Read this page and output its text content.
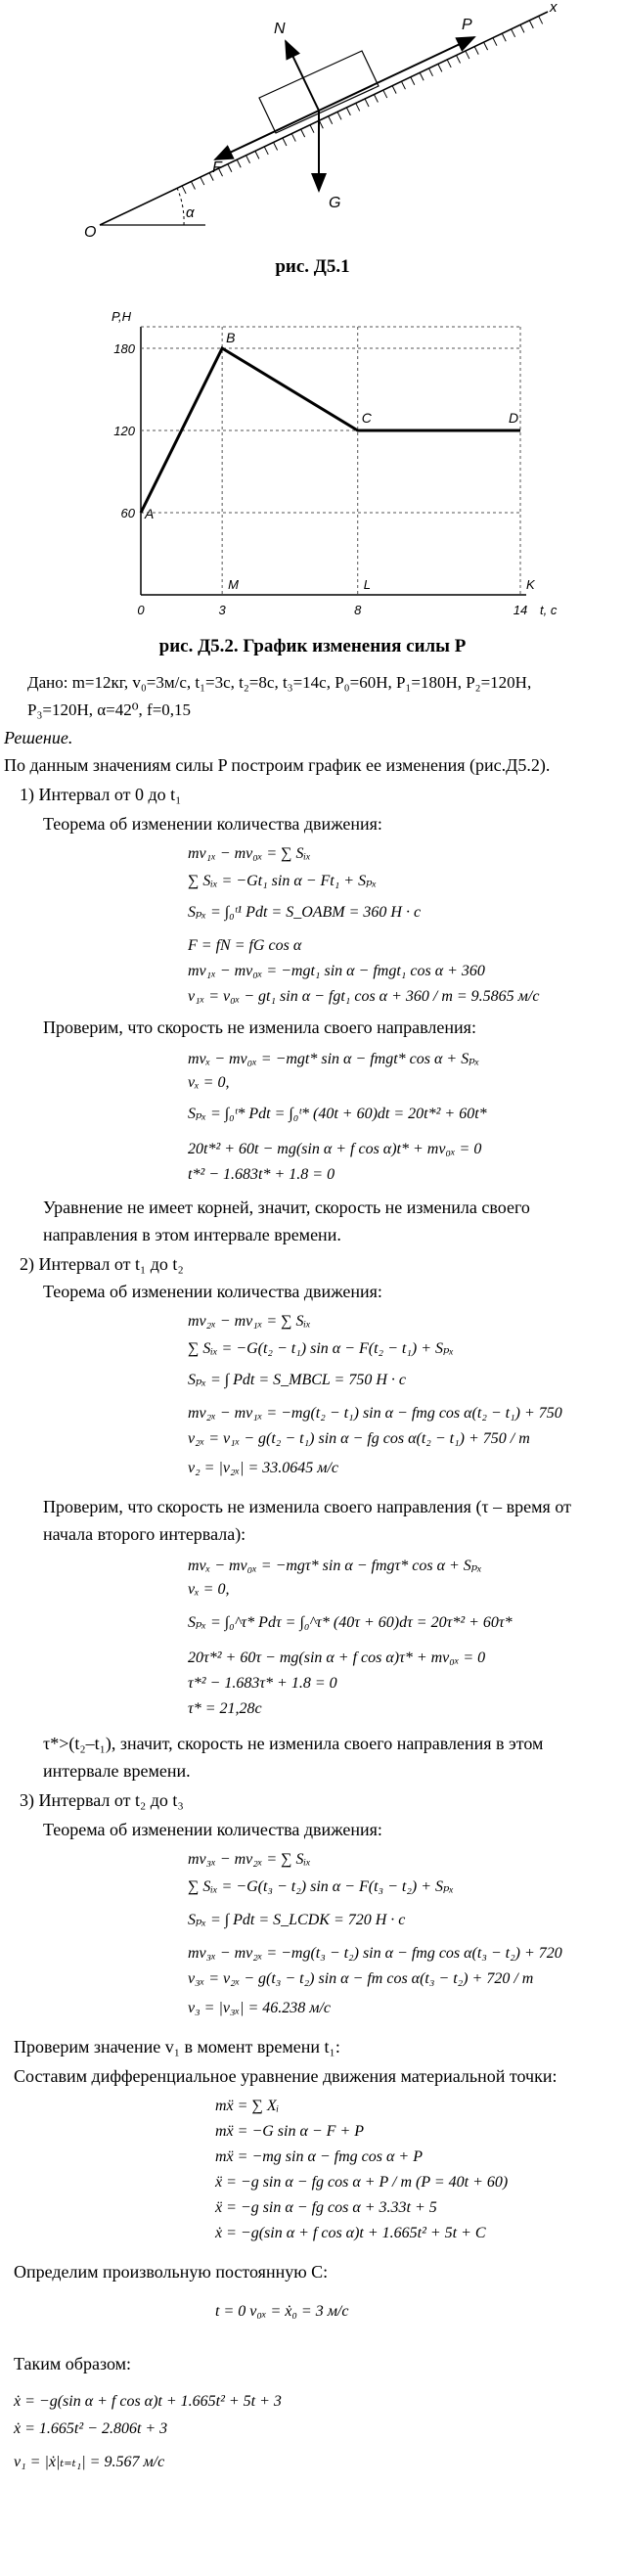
N	P
x
F
α
O
G
рис. Д5.1
60
120
180
0	3	8	14
P,H
t, c
A
B
C	D
M	L	K
рис. Д5.2. График изменения силы P
Дано: m=12кг, v₀=3м/с, t₁=3с, t₂=8с, t₃=14с, P₀=60Н, P₁=180Н, P₂=120Н,
P₃=120Н, α=42⁰, f=0,15
Решение.
По данным значениям силы P построим график ее изменения (рис.Д5.2).
1) Интервал от 0 до t₁
Теорема об изменении количества движения:
mv₁ₓ − mv₀ₓ = ∑ Sᵢₓ
∑ Sᵢₓ = −Gt₁ sin α − Ft₁ + Sₚₓ
Sₚₓ = ∫₀ᵗ¹ Pdt = S_OABM = 360 H · c
F = fN = fG cos α
mv₁ₓ − mv₀ₓ = −mgt₁ sin α − fmgt₁ cos α + 360
v₁ₓ = v₀ₓ − gt₁ sin α − fgt₁ cos α + 360 / m = 9.5865 м/с
Проверим, что скорость не изменила своего направления:
mvₓ − mv₀ₓ = −mgt* sin α − fmgt* cos α + Sₚₓ
vₓ = 0,
Sₚₓ = ∫₀ᵗ* Pdt = ∫₀ᵗ* (40t + 60)dt = 20t*² + 60t*
20t*² + 60t − mg(sin α + f cos α)t* + mv₀ₓ = 0
t*² − 1.683t* + 1.8 = 0
Уравнение не имеет корней, значит, скорость не изменила своего
направления в этом интервале времени.
2) Интервал от t₁ до t₂
Теорема об изменении количества движения:
mv₂ₓ − mv₁ₓ = ∑ Sᵢₓ
∑ Sᵢₓ = −G(t₂ − t₁) sin α − F(t₂ − t₁) + Sₚₓ
Sₚₓ = ∫ Pdt = S_MBCL = 750 H · c
mv₂ₓ − mv₁ₓ = −mg(t₂ − t₁) sin α − fmg cos α(t₂ − t₁) + 750
v₂ₓ = v₁ₓ − g(t₂ − t₁) sin α − fg cos α(t₂ − t₁) + 750 / m
v₂ = |v₂ₓ| = 33.0645 м/с
Проверим, что скорость не изменила своего направления (τ – время от
начала второго интервала):
mvₓ − mv₀ₓ = −mgτ* sin α − fmgτ* cos α + Sₚₓ
vₓ = 0,
Sₚₓ = ∫₀^τ* Pdτ = ∫₀^τ* (40τ + 60)dτ = 20τ*² + 60τ*
20τ*² + 60τ − mg(sin α + f cos α)τ* + mv₀ₓ = 0
τ*² − 1.683τ* + 1.8 = 0
τ* = 21,28c
τ*>(t₂–t₁), значит, скорость не изменила своего направления в этом
интервале времени.
3) Интервал от t₂ до t₃
Теорема об изменении количества движения:
mv₃ₓ − mv₂ₓ = ∑ Sᵢₓ
∑ Sᵢₓ = −G(t₃ − t₂) sin α − F(t₃ − t₂) + Sₚₓ
Sₚₓ = ∫ Pdt = S_LCDK = 720 H · c
mv₃ₓ − mv₂ₓ = −mg(t₃ − t₂) sin α − fmg cos α(t₃ − t₂) + 720
v₃ₓ = v₂ₓ − g(t₃ − t₂) sin α − fm cos α(t₃ − t₂) + 720 / m
v₃ = |v₃ₓ| = 46.238 м/с
Проверим значение v₁ в момент времени t₁:
Составим дифференциальное уравнение движения материальной точки:
mẍ = ∑ Xᵢ
mẍ = −G sin α − F + P
mẍ = −mg sin α − fmg cos α + P
ẍ = −g sin α − fg cos α + P / m (P = 40t + 60)
ẍ = −g sin α − fg cos α + 3.33t + 5
ẋ = −g(sin α + f cos α)t + 1.665t² + 5t + C
Определим произвольную постоянную С:
t = 0 v₀ₓ = ẋ₀ = 3 м/с
Таким образом:
ẋ = −g(sin α + f cos α)t + 1.665t² + 5t + 3
ẋ = 1.665t² − 2.806t + 3
v₁ = |ẋ|ₜ₌ₜ₁| = 9.567 м/с
